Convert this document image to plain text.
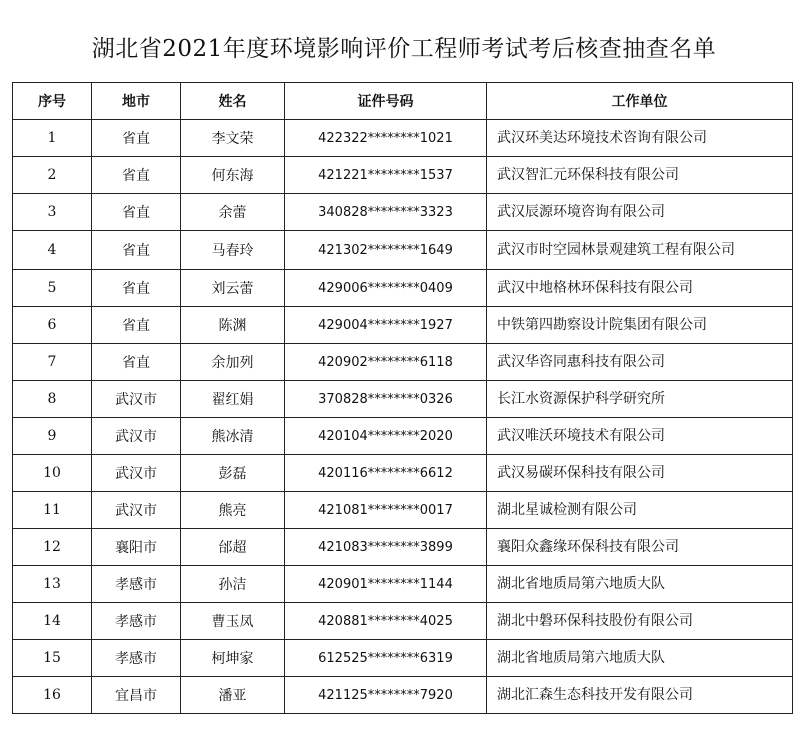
湖北省2021年度环境影响评价工程师考试考后核查抽查名单
序号	地市	姓名	证件号码	工作单位
1	省直	李文荣	422322********1021	武汉环美达环境技术咨询有限公司
2	省直	何东海	421221********1537	武汉智汇元环保科技有限公司
3	省直	余蕾	340828********3323	武汉辰源环境咨询有限公司
4	省直	马春玲	421302********1649	武汉市时空园林景观建筑工程有限公司
5	省直	刘云蕾	429006********0409	武汉中地格林环保科技有限公司
6	省直	陈渊	429004********1927	中铁第四勘察设计院集团有限公司
7	省直	余加列	420902********6118	武汉华咨同惠科技有限公司
8	武汉市	翟红娟	370828********0326	长江水资源保护科学研究所
9	武汉市	熊冰清	420104********2020	武汉唯沃环境技术有限公司
10	武汉市	彭磊	420116********6612	武汉易碳环保科技有限公司
11	武汉市	熊亮	421081********0017	湖北星诚检测有限公司
12	襄阳市	邰超	421083********3899	襄阳众鑫缘环保科技有限公司
13	孝感市	孙洁	420901********1144	湖北省地质局第六地质大队
14	孝感市	曹玉凤	420881********4025	湖北中磐环保科技股份有限公司
15	孝感市	柯坤家	612525********6319	湖北省地质局第六地质大队
16	宜昌市	潘亚	421125********7920	湖北汇森生态科技开发有限公司
